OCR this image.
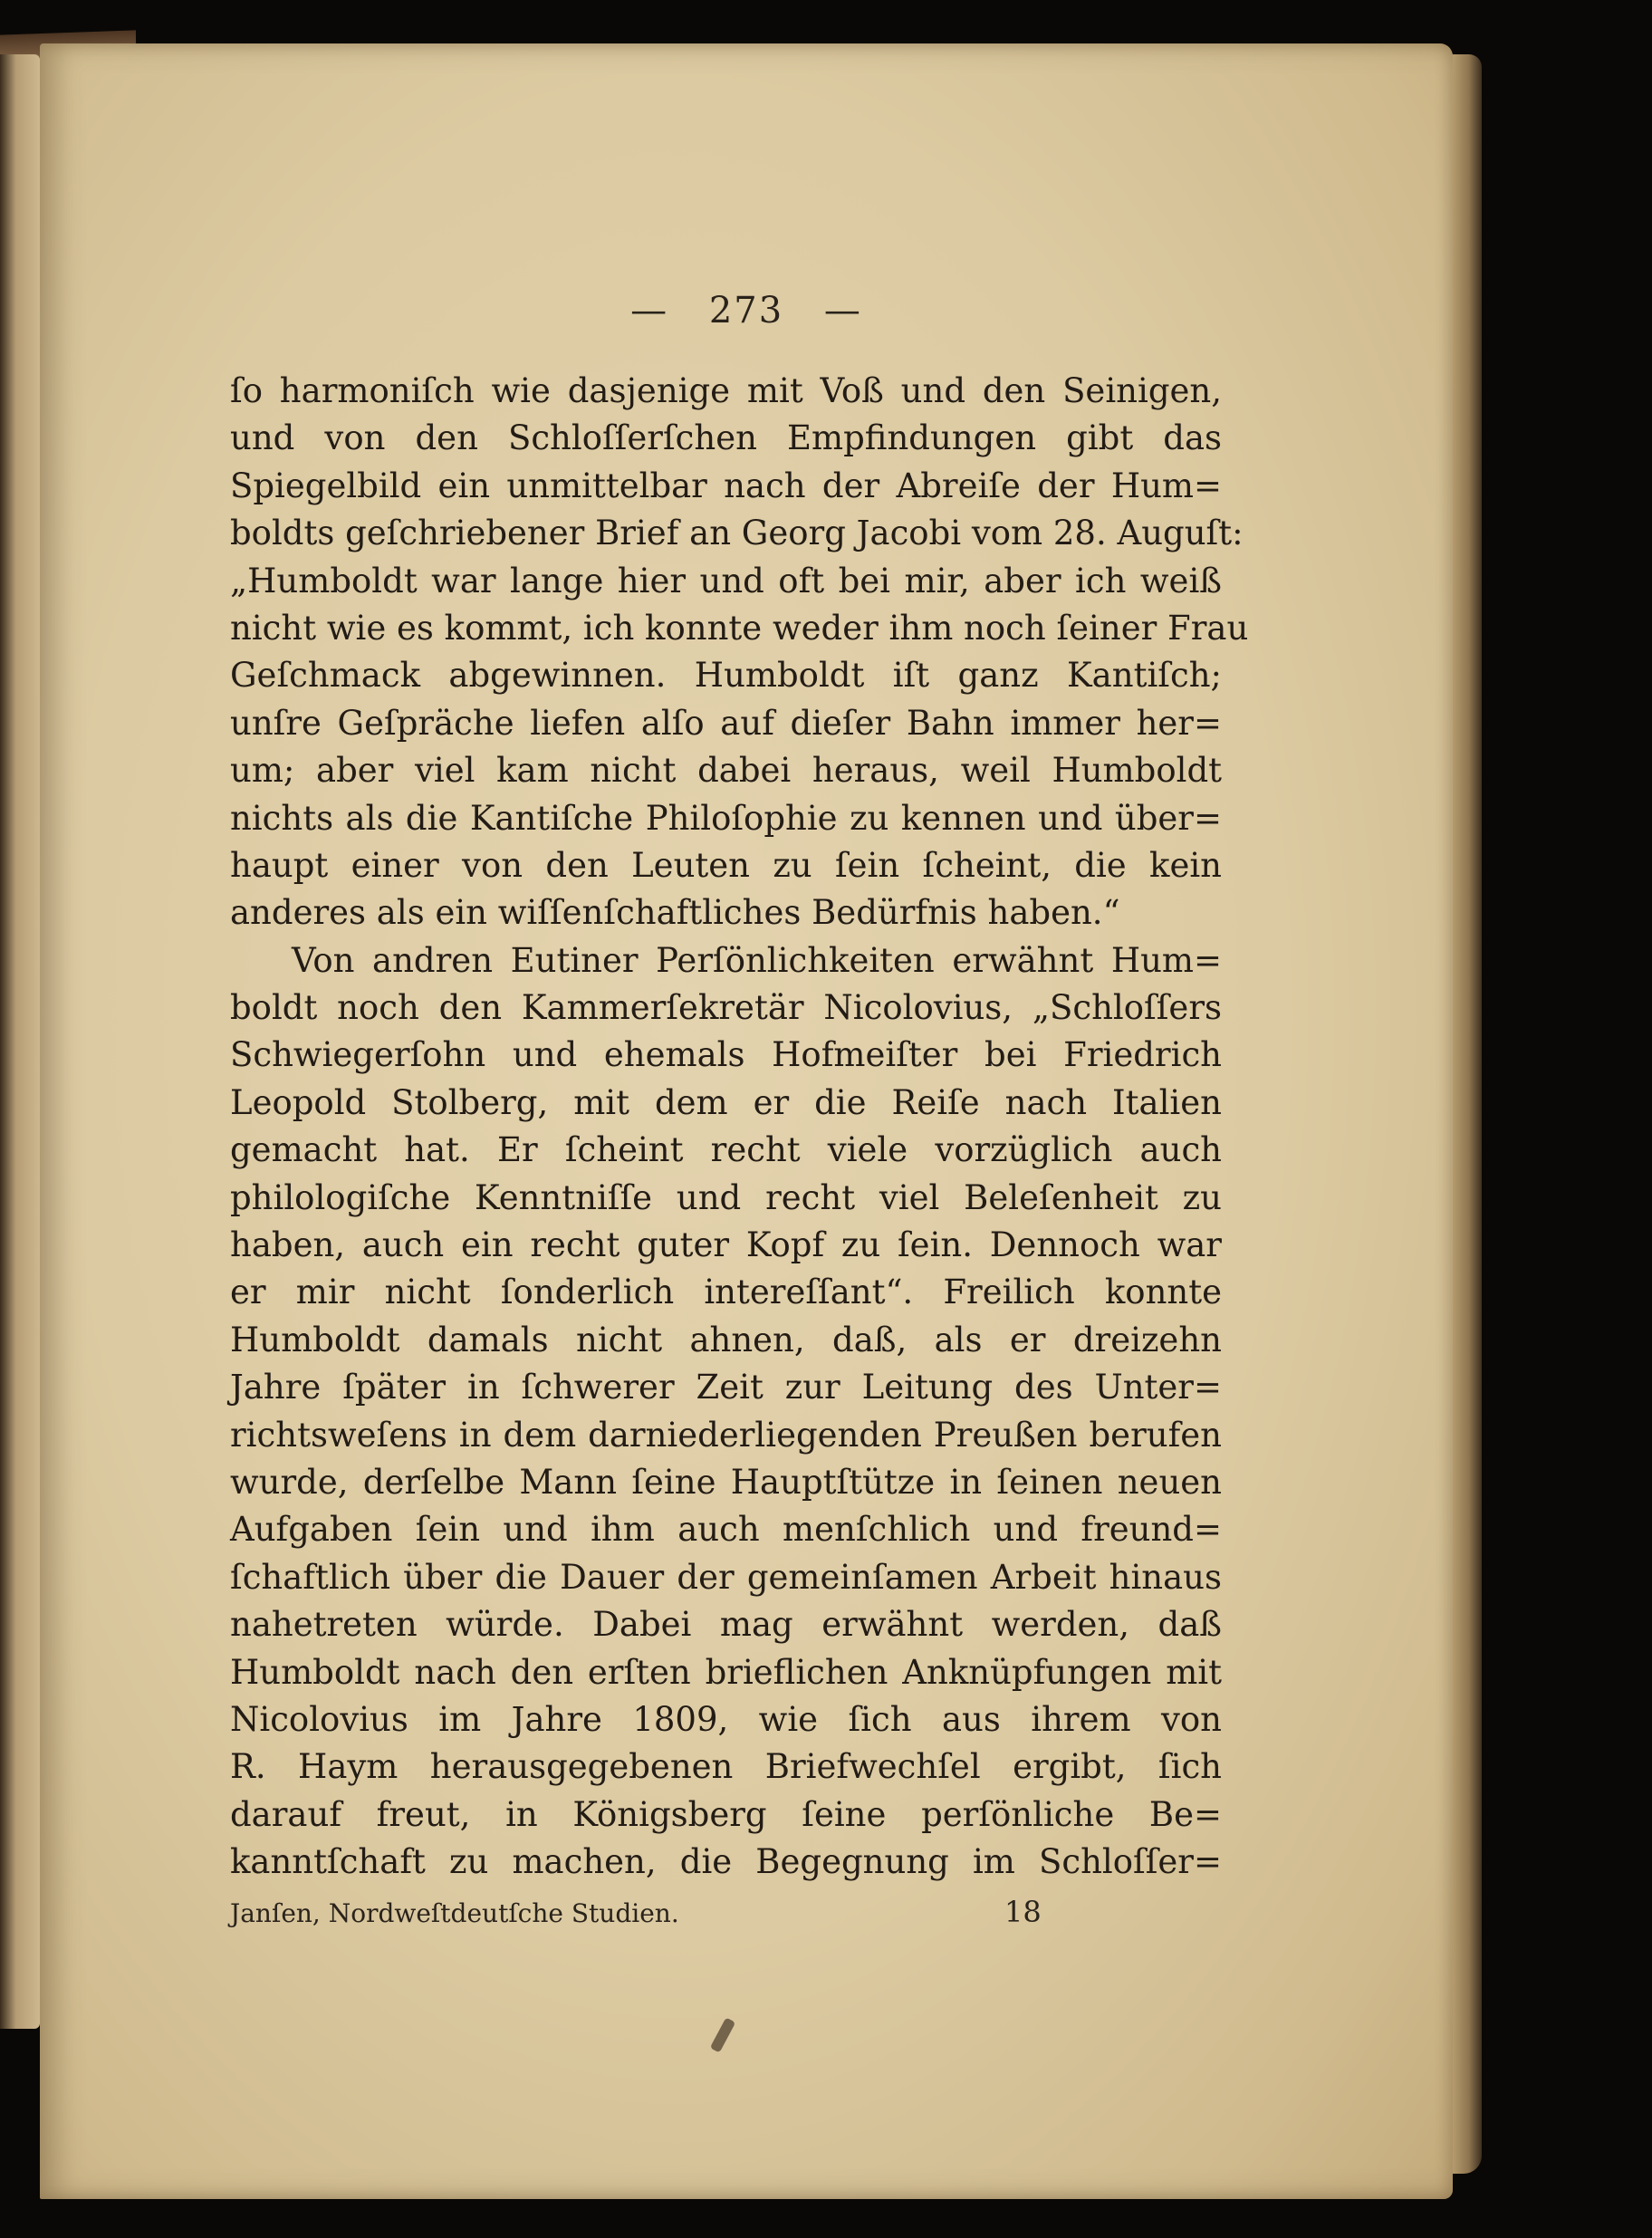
— 273 —
ſo harmoniſch wie dasjenige mit Voß und den Seinigen,
und von den Schloſſerſchen Empfindungen gibt das
Spiegelbild ein unmittelbar nach der Abreiſe der Hum=
boldts geſchriebener Brief an Georg Jacobi vom 28. Auguſt:
„Humboldt war lange hier und oft bei mir, aber ich weiß
nicht wie es kommt, ich konnte weder ihm noch ſeiner Frau
Geſchmack abgewinnen. Humboldt iſt ganz Kantiſch;
unſre Geſpräche liefen alſo auf dieſer Bahn immer her=
um; aber viel kam nicht dabei heraus, weil Humboldt
nichts als die Kantiſche Philoſophie zu kennen und über=
haupt einer von den Leuten zu ſein ſcheint, die kein
anderes als ein wiſſenſchaftliches Bedürfnis haben.“
Von andren Eutiner Perſönlichkeiten erwähnt Hum=
boldt noch den Kammerſekretär Nicolovius, „Schloſſers
Schwiegerſohn und ehemals Hofmeiſter bei Friedrich
Leopold Stolberg, mit dem er die Reiſe nach Italien
gemacht hat. Er ſcheint recht viele vorzüglich auch
philologiſche Kenntniſſe und recht viel Beleſenheit zu
haben, auch ein recht guter Kopf zu ſein. Dennoch war
er mir nicht ſonderlich intereſſant“. Freilich konnte
Humboldt damals nicht ahnen, daß, als er dreizehn
Jahre ſpäter in ſchwerer Zeit zur Leitung des Unter=
richtsweſens in dem darniederliegenden Preußen berufen
wurde, derſelbe Mann ſeine Hauptſtütze in ſeinen neuen
Aufgaben ſein und ihm auch menſchlich und freund=
ſchaftlich über die Dauer der gemeinſamen Arbeit hinaus
nahetreten würde. Dabei mag erwähnt werden, daß
Humboldt nach den erſten brieflichen Anknüpfungen mit
Nicolovius im Jahre 1809, wie ſich aus ihrem von
R. Haym herausgegebenen Briefwechſel ergibt, ſich
darauf freut, in Königsberg ſeine perſönliche Be=
kanntſchaft zu machen, die Begegnung im Schloſſer=
Janſen, Nordweſtdeutſche Studien.	18
